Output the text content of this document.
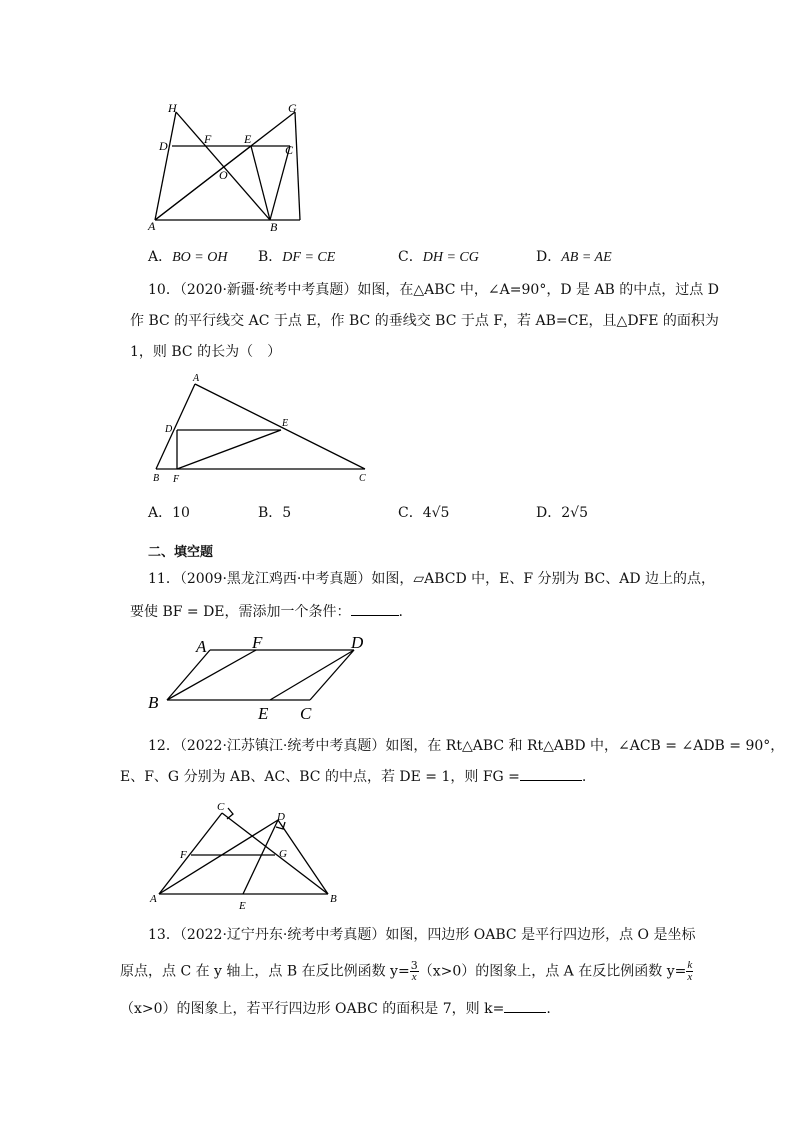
H	G
D	F	E
C
O
A	B
A．BO = OH B．DF = CE	C．DH = CG	D．AB = AE
10．（2020·新疆·统考中考真题）如图，在△ABC 中，∠A=90°，D 是 AB 的中点，过点 D
作 BC 的平行线交 AC 于点 E，作 BC 的垂线交 BC 于点 F，若 AB=CE，且△DFE 的面积为
1，则 BC 的长为（　）
A
D
E
B F	C
A．10	B．5	C．4√5	D．2√5
二、填空题
11．（2009·黑龙江鸡西·中考真题）如图，▱ABCD 中，E、F 分别为 BC、AD 边上的点，
要使 BF = DE，需添加一个条件：	.
A	F	D
B
E C
12．（2022·江苏镇江·统考中考真题）如图，在 Rt△ABC 和 Rt△ABD 中，∠ACB = ∠ADB = 90°，
E、F、G 分别为 AB、AC、BC 的中点，若 DE = 1，则 FG =	.
C
D
F	G
A
E
B
13．（2022·辽宁丹东·统考中考真题）如图，四边形 OABC 是平行四边形，点 O 是坐标
原点，点 C 在 y 轴上，点 B 在反比例函数 $y= \frac{3}{x} (x>0)$的图象上，点 A 在反比例函数 $y= \frac{k}{x}$
（x>0）的图象上，若平行四边形 OABC 的面积是 7，则 k=	.
